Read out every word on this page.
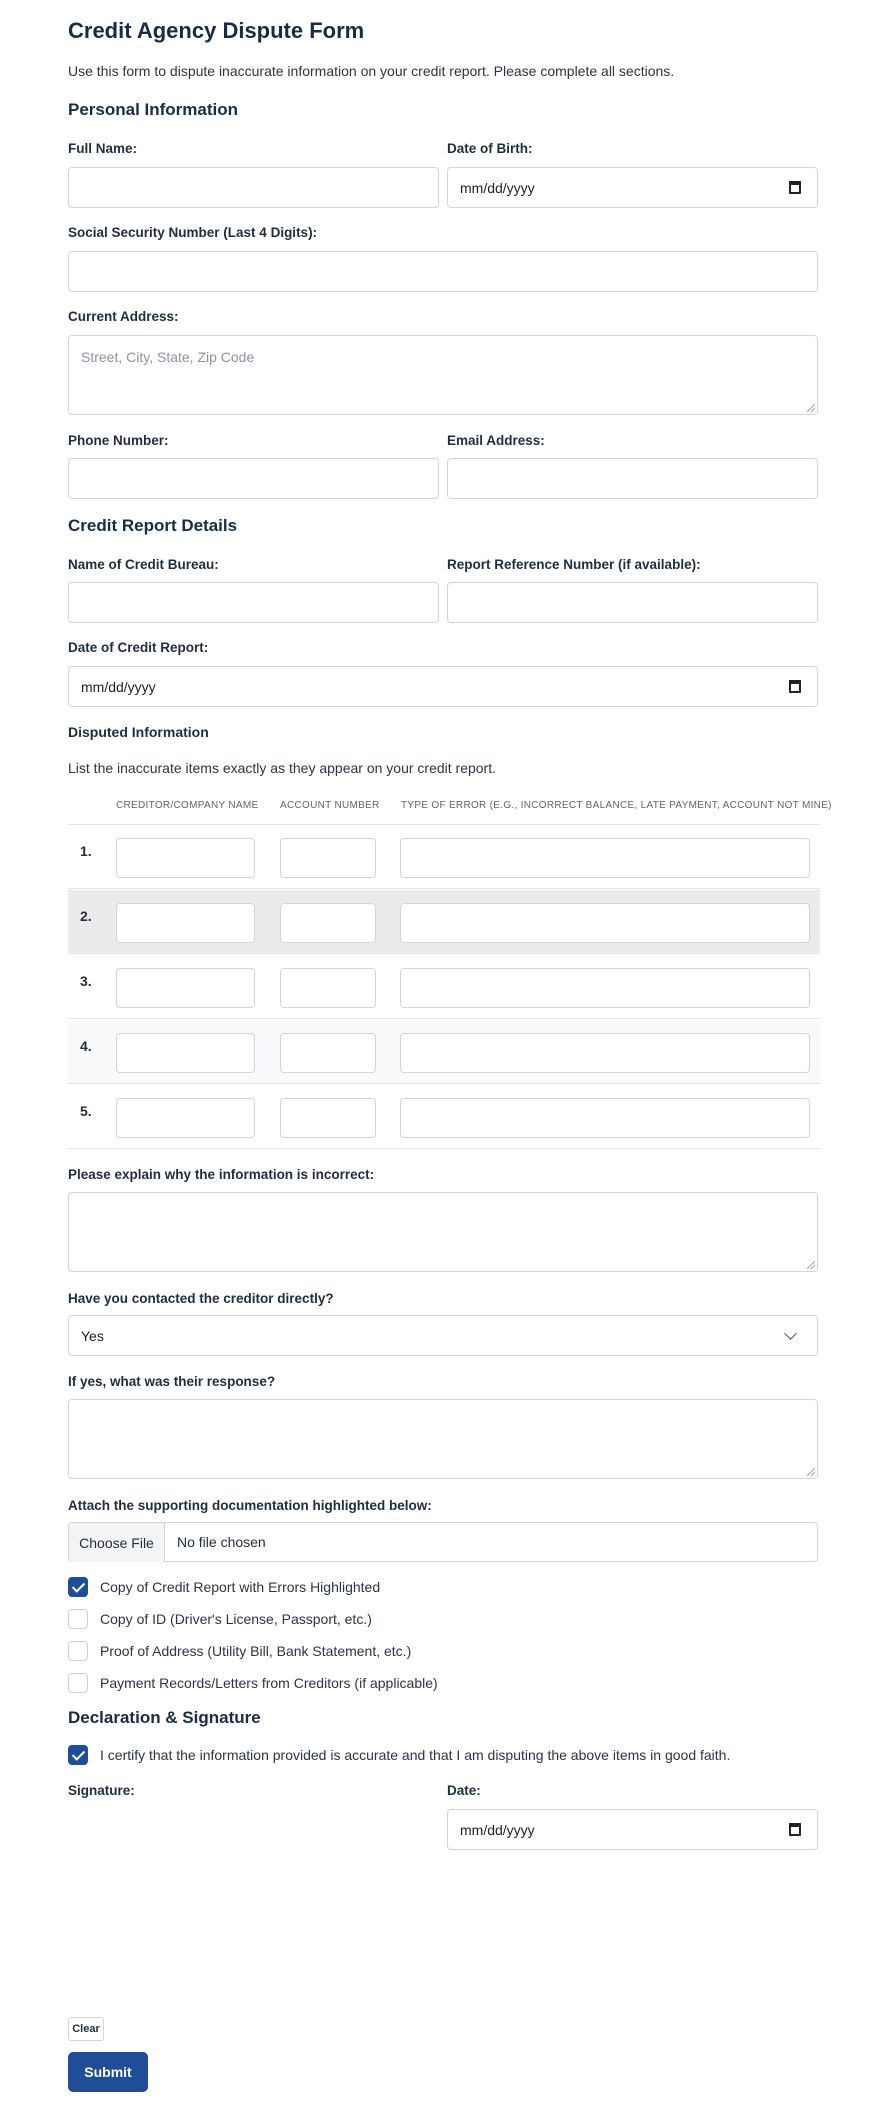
Credit Agency Dispute Form
Use this form to dispute inaccurate information on your credit report. Please complete all sections.
Personal Information
Full Name:	Date of Birth:
mm/dd/yyyy
Social Security Number (Last 4 Digits):
Current Address:
Street, City, State, Zip Code
Phone Number:	Email Address:
Credit Report Details
Name of Credit Bureau:	Report Reference Number (if available):
Date of Credit Report:
mm/dd/yyyy
Disputed Information
List the inaccurate items exactly as they appear on your credit report.
CREDITOR/COMPANY NAME ACCOUNT NUMBER TYPE OF ERROR (E.G., INCORRECT BALANCE, LATE PAYMENT, ACCOUNT NOT MINE)
1.
2.
3.
4.
5.
Please explain why the information is incorrect:
Have you contacted the creditor directly?
Yes
If yes, what was their response?
Attach the supporting documentation highlighted below:
Choose File	No file chosen
Copy of Credit Report with Errors Highlighted
Copy of ID (Driver's License, Passport, etc.)
Proof of Address (Utility Bill, Bank Statement, etc.)
Payment Records/Letters from Creditors (if applicable)
Declaration & Signature
I certify that the information provided is accurate and that I am disputing the above items in good faith.
Signature:	Date:
mm/dd/yyyy
Clear
Submit
